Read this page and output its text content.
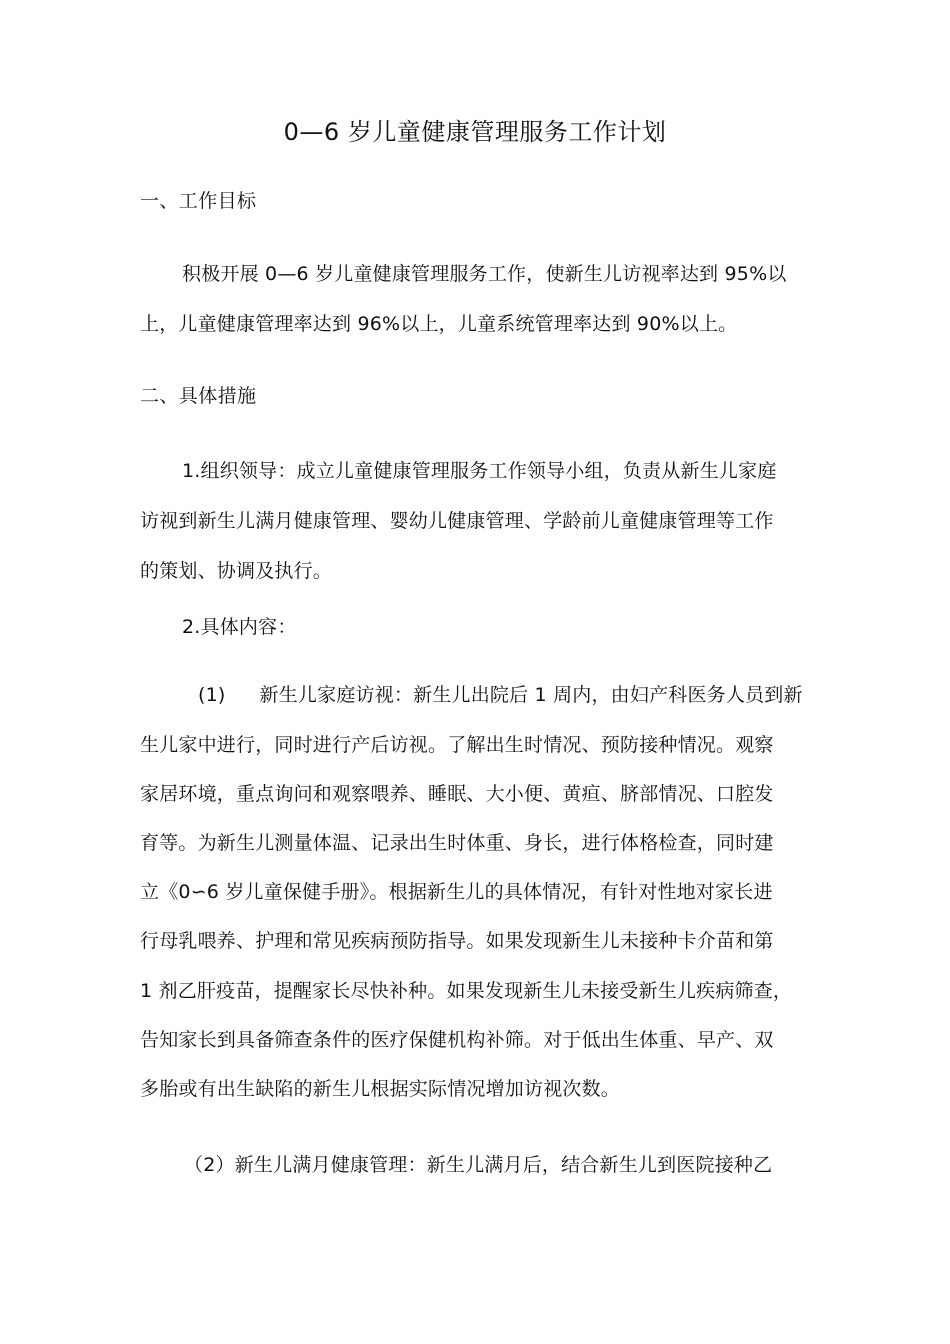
0—6 岁儿童健康管理服务工作计划
一、工作目标
积极开展 0—6 岁儿童健康管理服务工作，使新生儿访视率达到 95%以
上，儿童健康管理率达到 96%以上，儿童系统管理率达到 90%以上。
二、具体措施
1.组织领导：成立儿童健康管理服务工作领导小组，负责从新生儿家庭
访视到新生儿满月健康管理、婴幼儿健康管理、学龄前儿童健康管理等工作
的策划、协调及执行。
2.具体内容：
(1) 新生儿家庭访视：新生儿出院后 1 周内，由妇产科医务人员到新
生儿家中进行，同时进行产后访视。了解出生时情况、预防接种情况。观察
家居环境，重点询问和观察喂养、睡眠、大小便、黄疸、脐部情况、口腔发
育等。为新生儿测量体温、记录出生时体重、身长，进行体格检查，同时建
立《0∽6 岁儿童保健手册》。根据新生儿的具体情况，有针对性地对家长进
行母乳喂养、护理和常见疾病预防指导。如果发现新生儿未接种卡介苗和第
1 剂乙肝疫苗，提醒家长尽快补种。如果发现新生儿未接受新生儿疾病筛查，
告知家长到具备筛查条件的医疗保健机构补筛。对于低出生体重、早产、双
多胎或有出生缺陷的新生儿根据实际情况增加访视次数。
（2）新生儿满月健康管理：新生儿满月后，结合新生儿到医院接种乙
